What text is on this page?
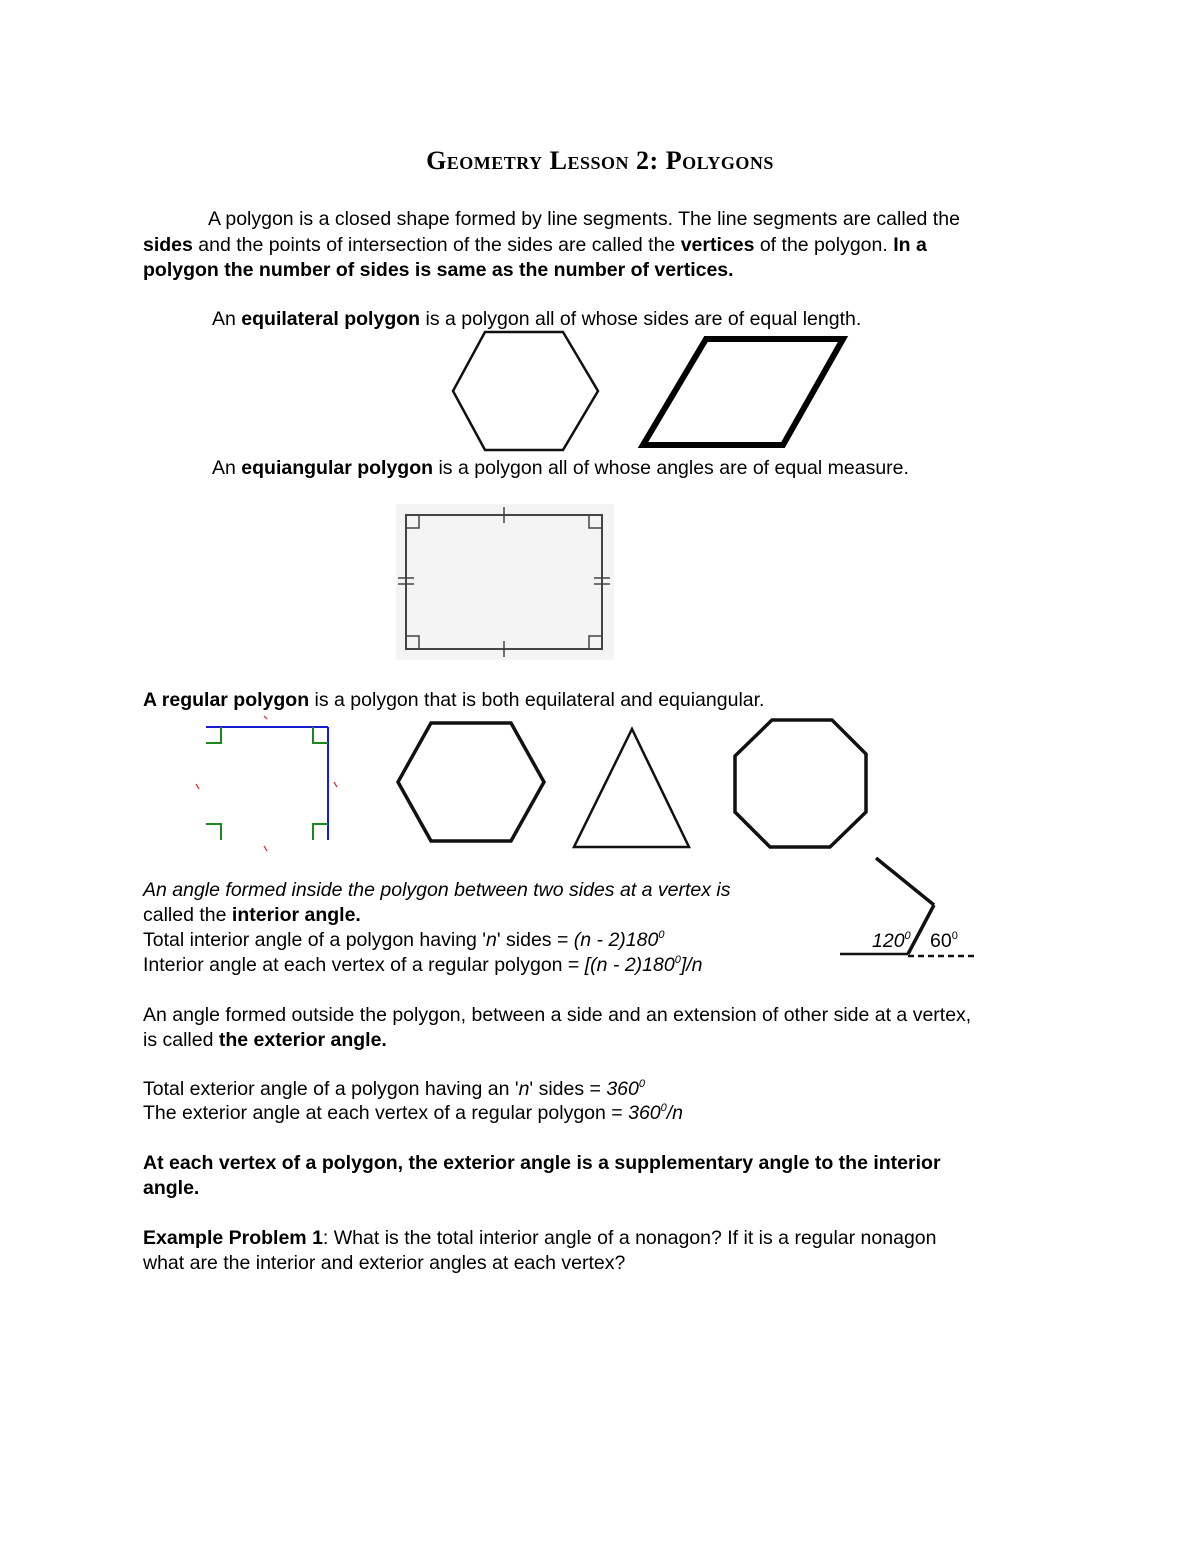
Geometry Lesson 2: Polygons
A polygon is a closed shape formed by line segments. The line segments are called the
sides and the points of intersection of the sides are called the vertices of the polygon. In a
polygon the number of sides is same as the number of vertices.
An equilateral polygon is a polygon all of whose sides are of equal length.
An equiangular polygon is a polygon all of whose angles are of equal measure.
A regular polygon is a polygon that is both equilateral and equiangular.
$120^0$ $60^0$
An angle formed inside the polygon between two sides at a vertex is
called the interior angle.
Total interior angle of a polygon having 'n' sides = $(n - 2)180^0$
Interior angle at each vertex of a regular polygon = $[(n - 2)180^0]/n$
An angle formed outside the polygon, between a side and an extension of other side at a vertex,
is called the exterior angle.
Total exterior angle of a polygon having an 'n' sides = $360^0$
The exterior angle at each vertex of a regular polygon = $360^0/n$
At each vertex of a polygon, the exterior angle is a supplementary angle to the interior
angle.
Example Problem 1: What is the total interior angle of a nonagon? If it is a regular nonagon
what are the interior and exterior angles at each vertex?
